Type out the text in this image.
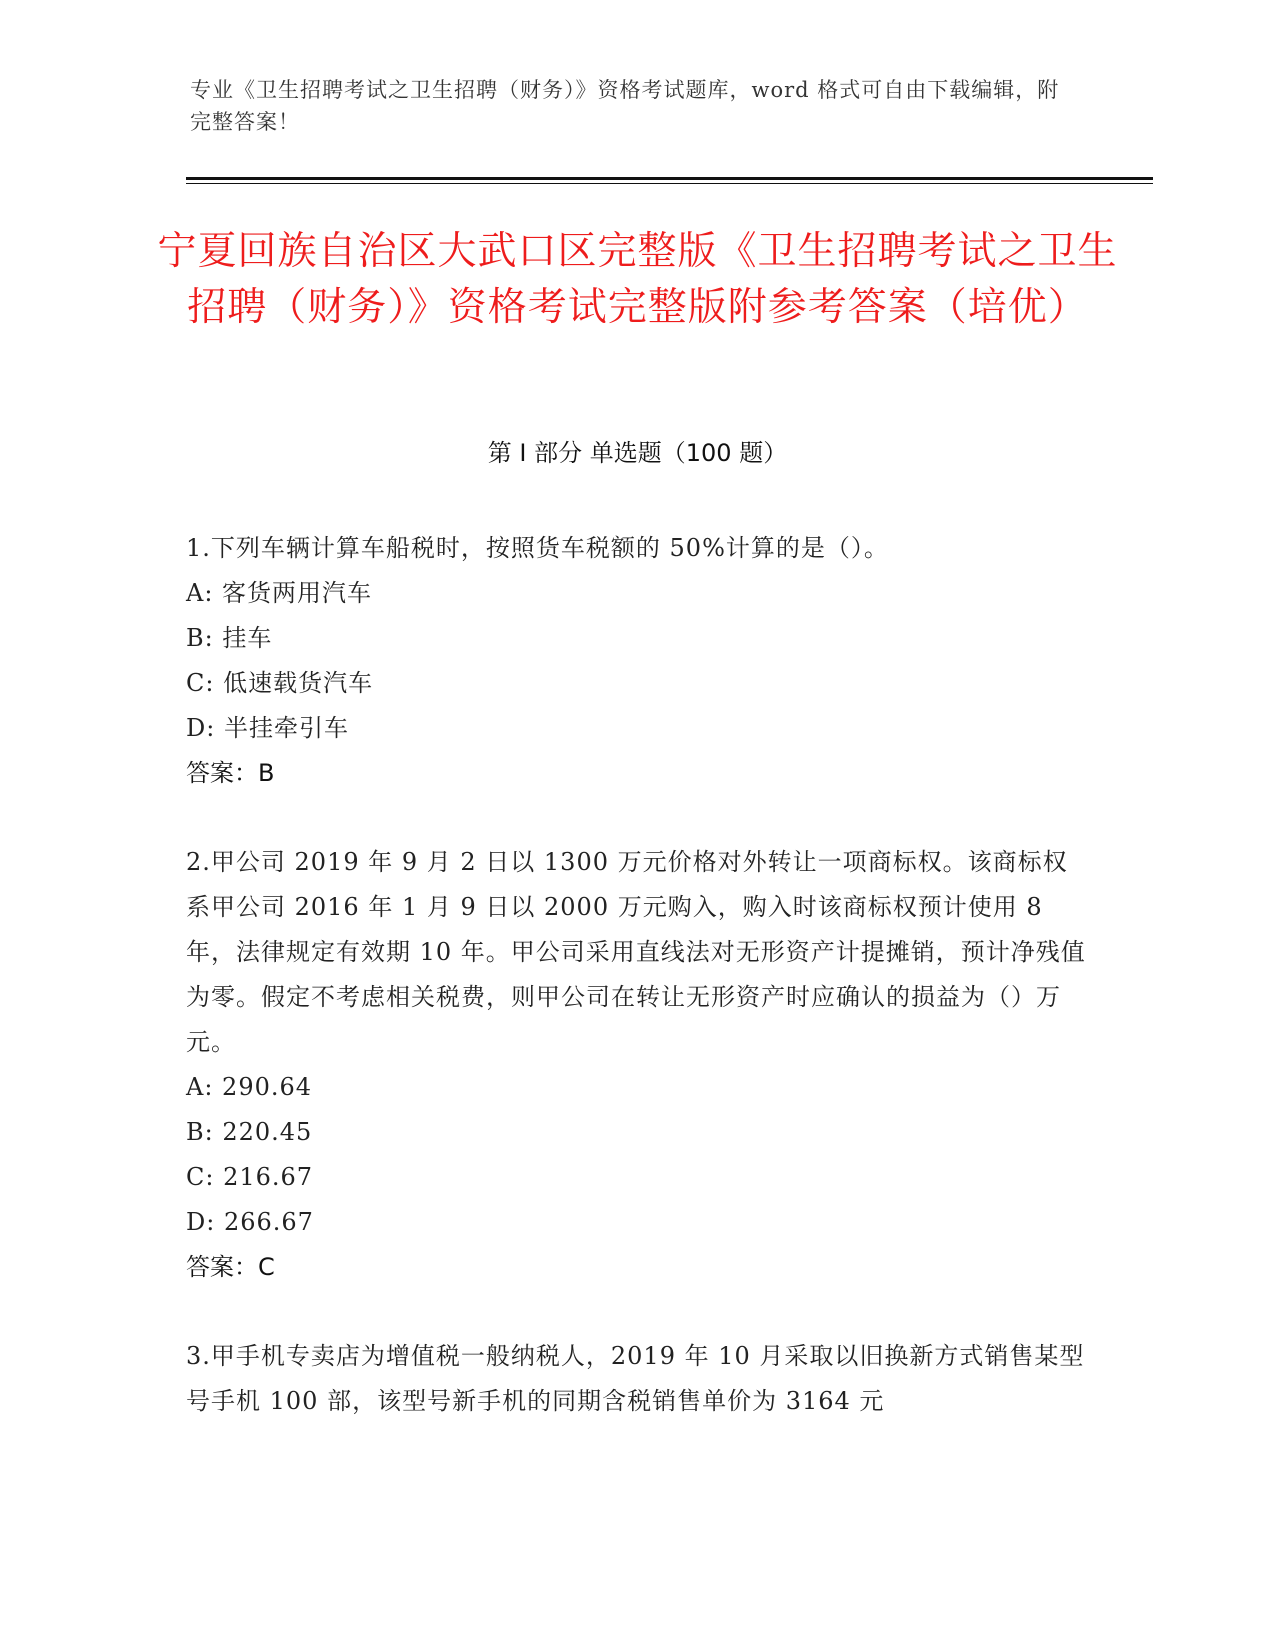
专业《卫生招聘考试之卫生招聘（财务）》资格考试题库，word 格式可自由下载编辑，附完整答案！
宁夏回族自治区大武口区完整版《卫生招聘考试之卫生招聘（财务）》资格考试完整版附参考答案（培优）
第 I 部分 单选题（100 题）

1.下列车辆计算车船税时，按照货车税额的 50%计算的是（）。

A: 客货两用汽车

B: 挂车

C: 低速载货汽车

D: 半挂牵引车

答案：B

2.甲公司 2019 年 9 月 2 日以 1300 万元价格对外转让一项商标权。该商标权系甲公司 2016 年 1 月 9 日以 2000 万元购入，购入时该商标权预计使用 8 年，法律规定有效期 10 年。甲公司采用直线法对无形资产计提摊销，预计净残值为零。假定不考虑相关税费，则甲公司在转让无形资产时应确认的损益为（）万元。

A: 290.64

B: 220.45

C: 216.67

D: 266.67

答案：C

3.甲手机专卖店为增值税一般纳税人，2019 年 10 月采取以旧换新方式销售某型号手机 100 部，该型号新手机的同期含税销售单价为 3164 元
